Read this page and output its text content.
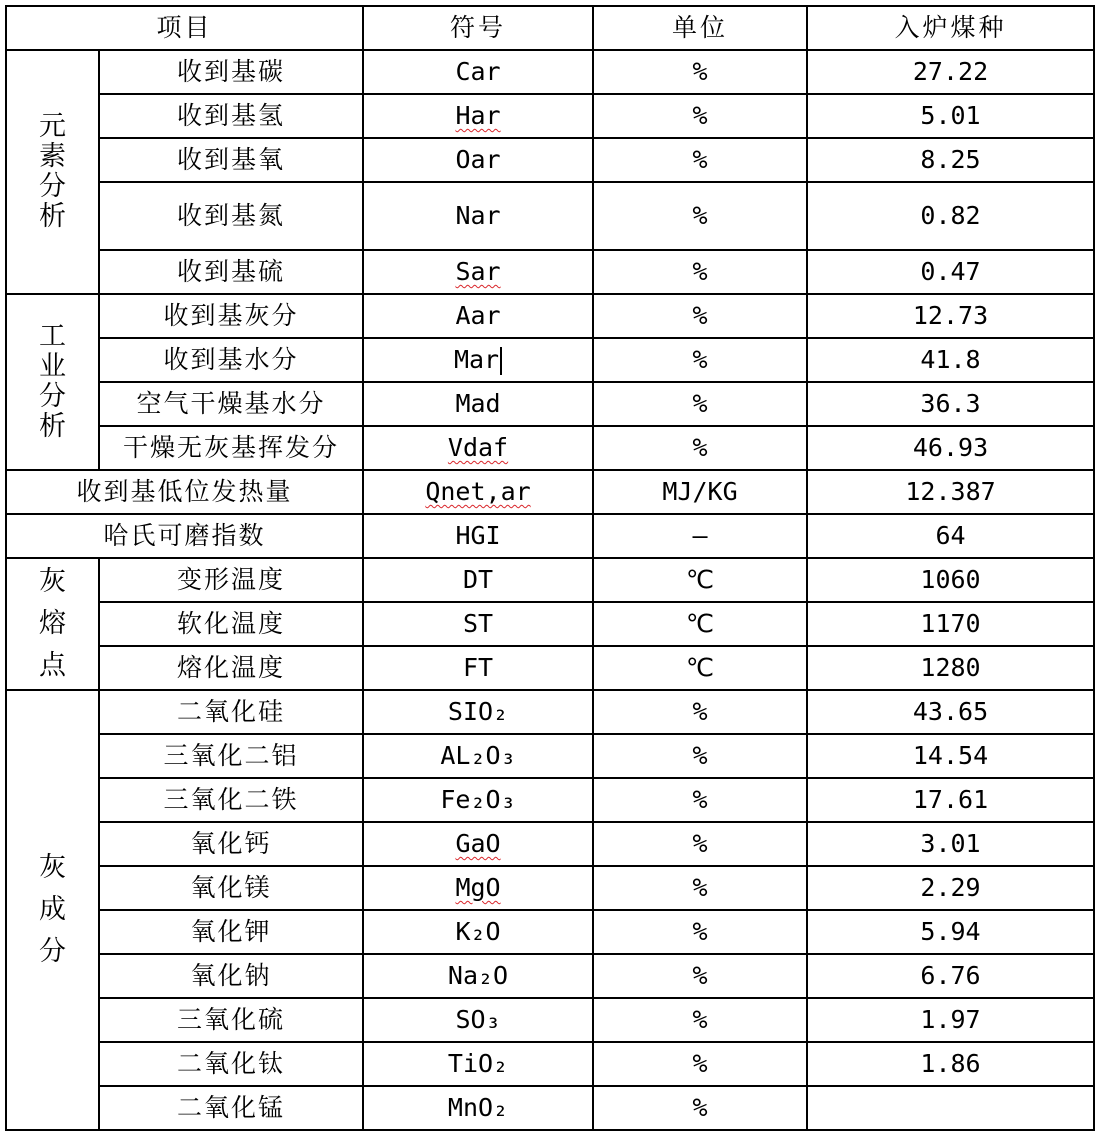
项目		符号	单位	入炉煤种
元素分析	收到基碳	Car	%	27.22
	收到基氢	Har	%	5.01
	收到基氧	Oar	%	8.25
	收到基氮	Nar	%	0.82
	收到基硫	Sar	%	0.47
工业分析	收到基灰分	Aar	%	12.73
	收到基水分	Mar	%	41.8
	空气干燥基水分	Mad	%	36.3
	干燥无灰基挥发分	Vdaf	%	46.93
收到基低位发热量		Qnet,ar	MJ/KG	12.387
哈氏可磨指数		HGI	—	64
灰熔点	变形温度	DT	℃	1060
	软化温度	ST	℃	1170
	熔化温度	FT	℃	1280
灰成分	二氧化硅	SIO₂	%	43.65
	三氧化二铝	AL₂O₃	%	14.54
	三氧化二铁	Fe₂O₃	%	17.61
	氧化钙	GaO	%	3.01
	氧化镁	MgO	%	2.29
	氧化钾	K₂O	%	5.94
	氧化钠	Na₂O	%	6.76
	三氧化硫	SO₃	%	1.97
	二氧化钛	TiO₂	%	1.86
	二氧化锰	MnO₂	%	
